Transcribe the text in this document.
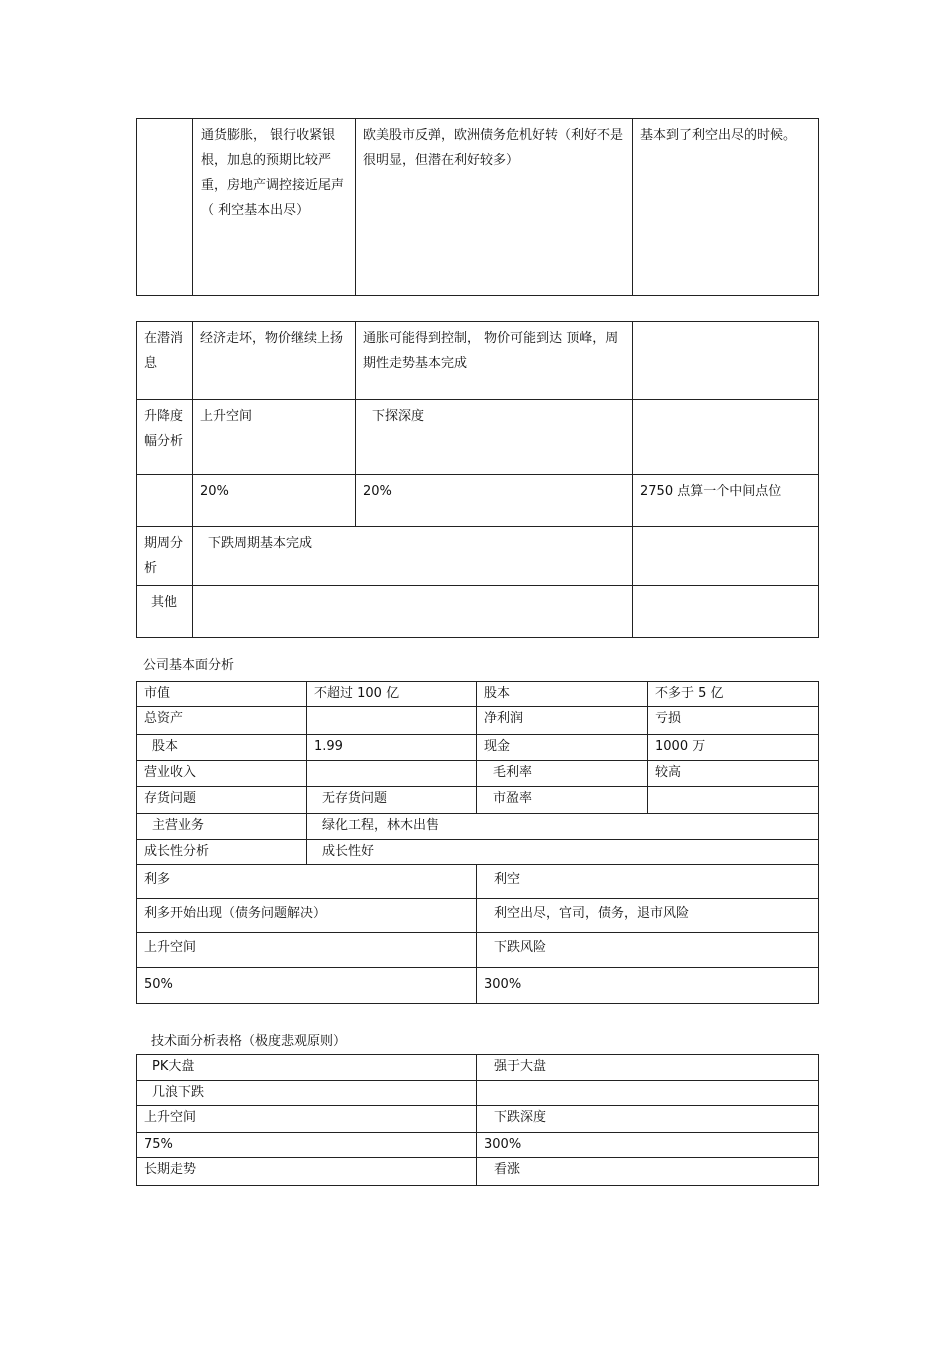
	通货膨胀， 银行收紧银根，加息的预期比较严重，房地产调控接近尾声（ 利空基本出尽）	欧美股市反弹，欧洲债务危机好转（利好不是很明显，但潜在利好较多）	基本到了利空出尽的时候。
在潜消息	经济走坏，物价继续上扬	通胀可能得到控制， 物价可能到达 顶峰，周期性走势基本完成	
升降度幅分析	上升空间	下探深度	
	20%	20%	2750 点算一个中间点位
期周分析	下跌周期基本完成		
其他			
公司基本面分析
市值	不超过 100 亿	股本	不多于 5 亿
总资产		净利润	亏损
股本	1.99	现金	1000 万
营业收入		毛利率	较高
存货问题	无存货问题	市盈率	
主营业务	绿化工程，林木出售		
成长性分析	成长性好		
利多		利空	
利多开始出现（债务问题解决）		利空出尽，官司，债务，退市风险	
上升空间		下跌风险	
50%		300%	
技术面分析表格（极度悲观原则）
PK大盘	强于大盘
几浪下跌	
上升空间	下跌深度
75%	300%
长期走势	看涨
